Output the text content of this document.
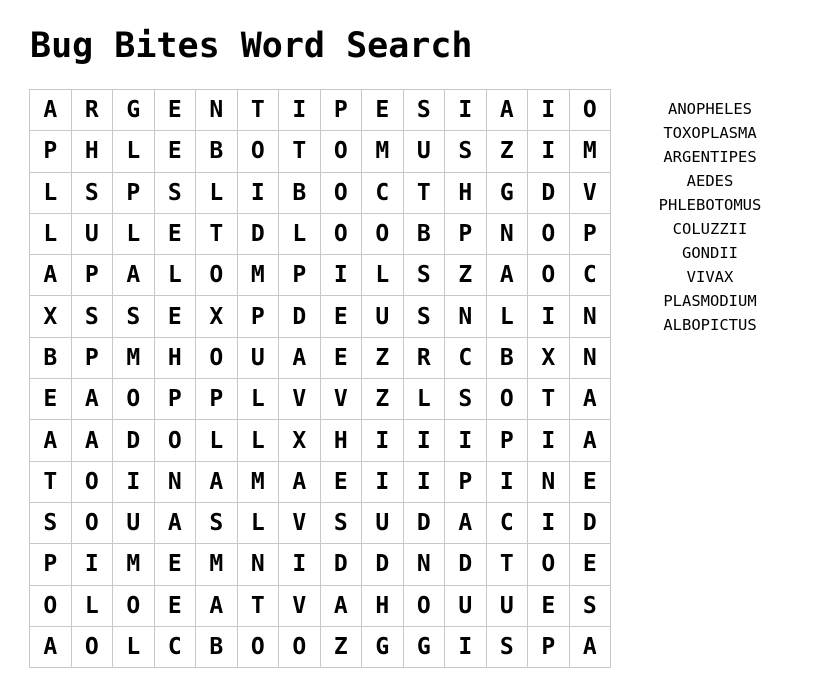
Bug Bites Word Search
A	R	G	E	N	T	I	P	E	S	I	A	I	O
P	H	L	E	B	O	T	O	M	U	S	Z	I	M
L	S	P	S	L	I	B	O	C	T	H	G	D	V
L	U	L	E	T	D	L	O	O	B	P	N	O	P
A	P	A	L	O	M	P	I	L	S	Z	A	O	C
X	S	S	E	X	P	D	E	U	S	N	L	I	N
B	P	M	H	O	U	A	E	Z	R	C	B	X	N
E	A	O	P	P	L	V	V	Z	L	S	O	T	A
A	A	D	O	L	L	X	H	I	I	I	P	I	A
T	O	I	N	A	M	A	E	I	I	P	I	N	E
S	O	U	A	S	L	V	S	U	D	A	C	I	D
P	I	M	E	M	N	I	D	D	N	D	T	O	E
O	L	O	E	A	T	V	A	H	O	U	U	E	S
A	O	L	C	B	O	O	Z	G	G	I	S	P	A
ANOPHELES
TOXOPLASMA
ARGENTIPES
AEDES
PHLEBOTOMUS
COLUZZII
GONDII
VIVAX
PLASMODIUM
ALBOPICTUS
